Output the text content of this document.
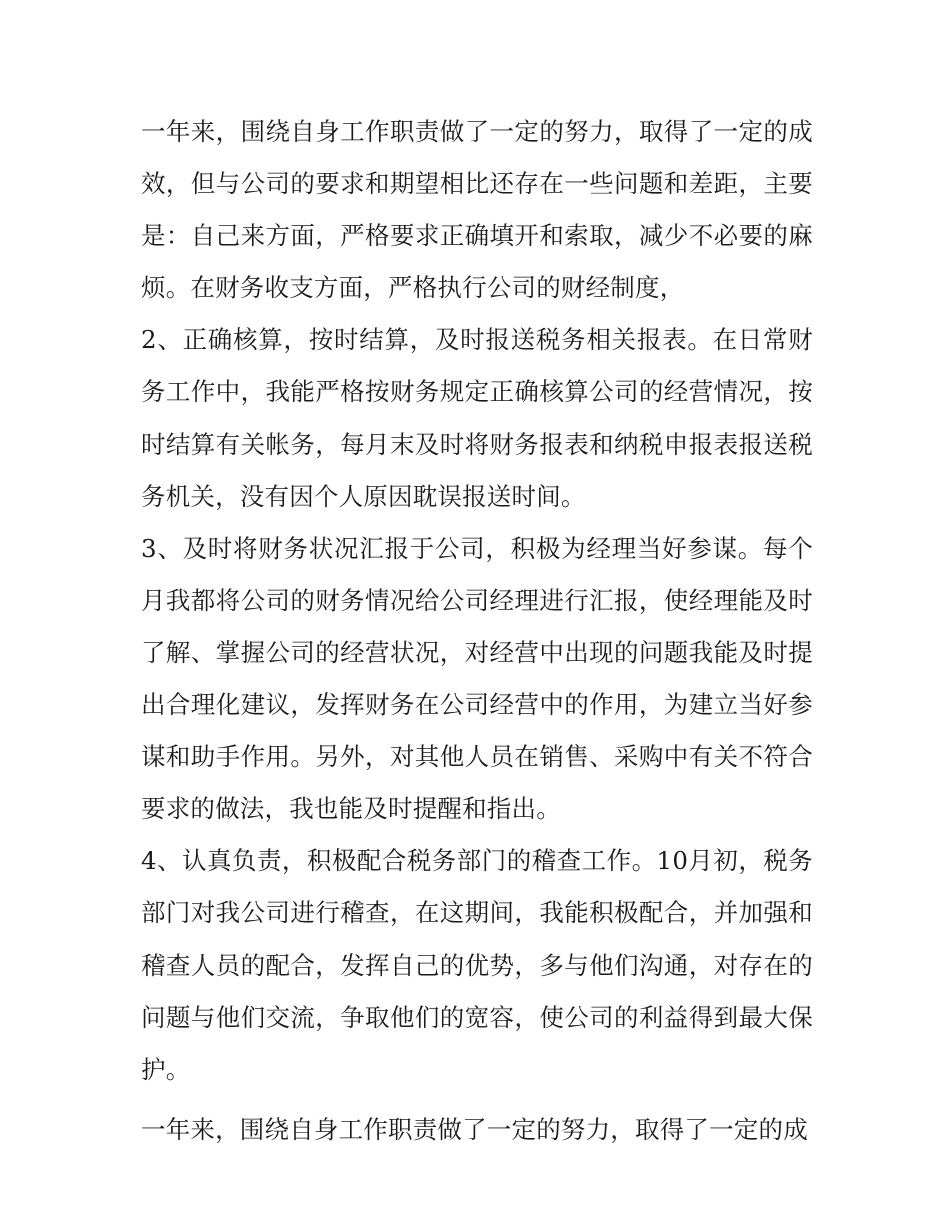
一年来，围绕自身工作职责做了一定的努力，取得了一定的成效，但与公司的要求和期望相比还存在一些问题和差距，主要是：自己来方面，严格要求正确填开和索取，减少不必要的麻烦。在财务收支方面，严格执行公司的财经制度，

2、正确核算，按时结算，及时报送税务相关报表。在日常财务工作中，我能严格按财务规定正确核算公司的经营情况，按时结算有关帐务，每月末及时将财务报表和纳税申报表报送税务机关，没有因个人原因耽误报送时间。

3、及时将财务状况汇报于公司，积极为经理当好参谋。每个月我都将公司的财务情况给公司经理进行汇报，使经理能及时了解、掌握公司的经营状况，对经营中出现的问题我能及时提出合理化建议，发挥财务在公司经营中的作用，为建立当好参谋和助手作用。另外，对其他人员在销售、采购中有关不符合要求的做法，我也能及时提醒和指出。

4、认真负责，积极配合税务部门的稽查工作。10月初，税务部门对我公司进行稽查，在这期间，我能积极配合，并加强和稽查人员的配合，发挥自己的优势，多与他们沟通，对存在的问题与他们交流，争取他们的宽容，使公司的利益得到最大保护。

一年来，围绕自身工作职责做了一定的努力，取得了一定的成
